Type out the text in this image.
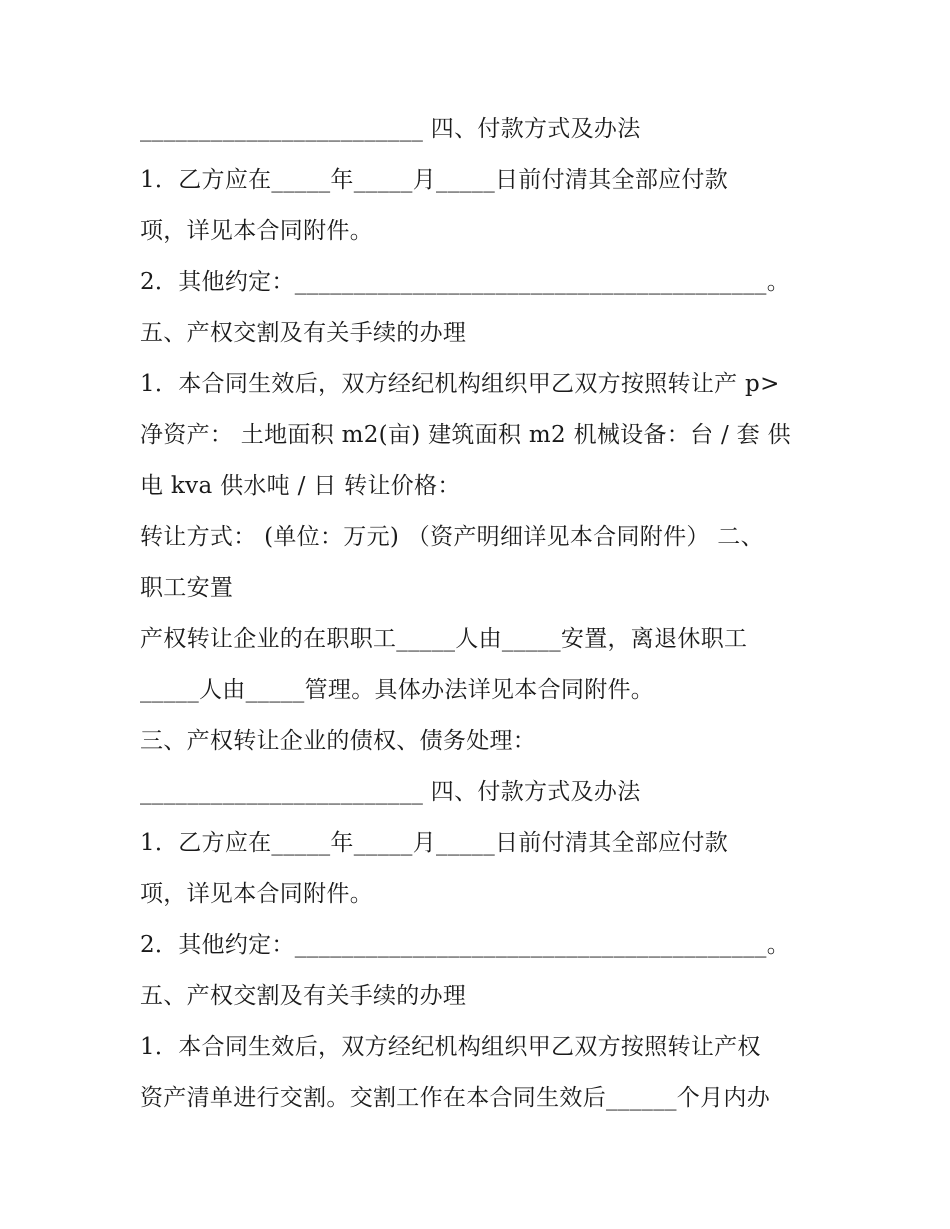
________________________ 四、付款方式及办法
1．乙方应在_____年_____月_____日前付清其全部应付款
项，详见本合同附件。
2．其他约定：________________________________________。
五、产权交割及有关手续的办理
1．本合同生效后，双方经纪机构组织甲乙双方按照转让产 p>
净资产： 土地面积 m2(亩) 建筑面积 m2 机械设备：台 / 套 供
电 kva 供水吨 / 日 转让价格：
转让方式： (单位：万元) （资产明细详见本合同附件） 二、
职工安置
产权转让企业的在职职工_____人由_____安置，离退休职工
_____人由_____管理。具体办法详见本合同附件。
三、产权转让企业的债权、债务处理：
________________________ 四、付款方式及办法
1．乙方应在_____年_____月_____日前付清其全部应付款
项，详见本合同附件。
2．其他约定：________________________________________。
五、产权交割及有关手续的办理
1．本合同生效后，双方经纪机构组织甲乙双方按照转让产权
资产清单进行交割。交割工作在本合同生效后______个月内办
